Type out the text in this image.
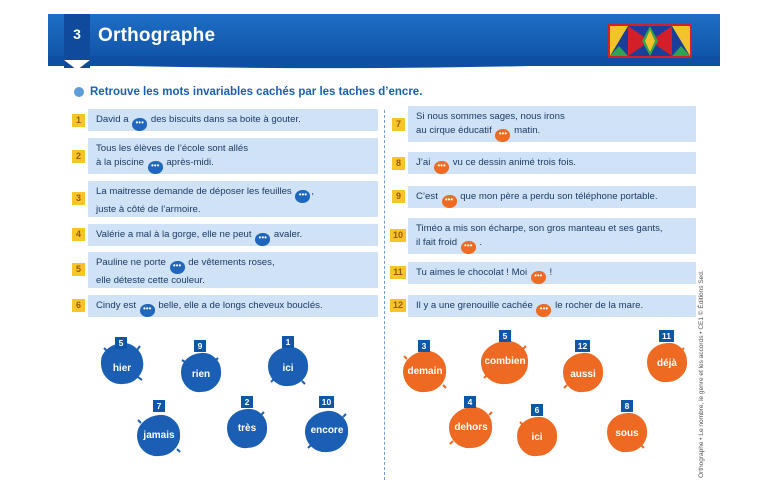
3 Orthographe
Retrouve les mots invariables cachés par les taches d’encre.
1	David a ••• des biscuits dans sa boite à gouter.
2
Tous les élèves de l’école sont allés
à la piscine ••• après-midi.
3
La maitresse demande de déposer les feuilles ••• ,
juste à côté de l’armoire.
4	Valérie a mal à la gorge, elle ne peut ••• avaler.
5
Pauline ne porte ••• de vêtements roses,
elle déteste cette couleur.
6	Cindy est ••• belle, elle a de longs cheveux bouclés.
7
Si nous sommes sages, nous irons
au cirque éducatif ••• matin.
8	J’ai ••• vu ce dessin animé trois fois.
9	C’est ••• que mon père a perdu son téléphone portable.
10
Timéo a mis son écharpe, son gros manteau et ses gants,
il fait froid ••• .
11	Tu aimes le chocolat ! Moi ••• !
12	Il y a une grenouille cachée ••• le rocher de la mare.
5
hier
9
rien
1
ici
7
jamais
2
très
10
encore
3
demain
5
combien
12
aussi
11
déjà
4
dehors
6
ici
8
sous	Orthographe • Le nombre, le genre et les accords • CE1 © Éditions Sed.
